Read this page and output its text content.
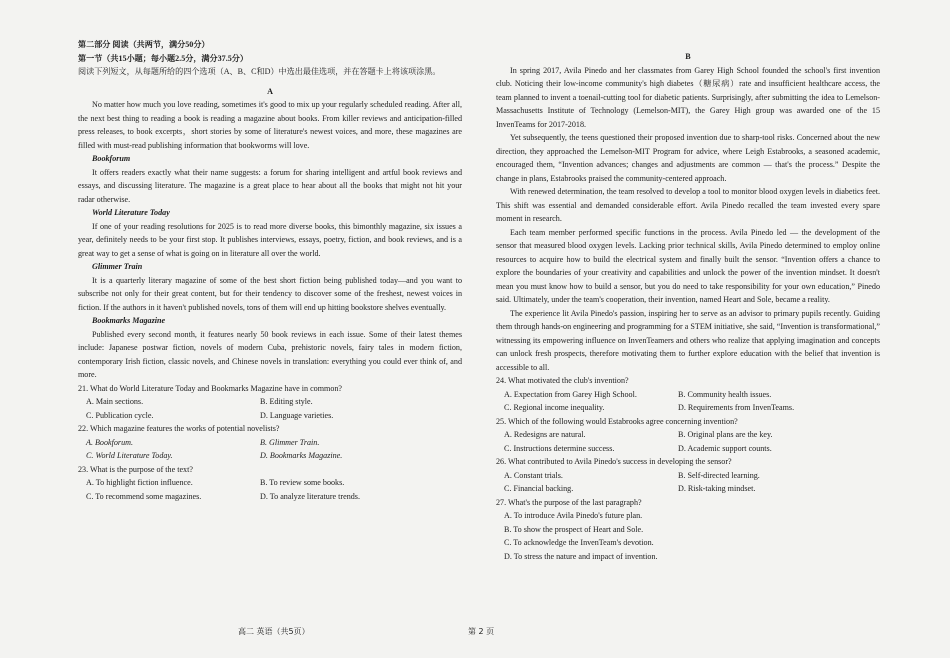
第二部分 阅读（共两节，满分50分）

第一节（共15小题；每小题2.5分，满分37.5分）

阅读下列短文，从每题所给的四个选项（A、B、C和D）中选出最佳选项，并在答题卡上将该项涂黑。

A

No matter how much you love reading, sometimes it's good to mix up your regularly scheduled reading. After all, the next best thing to reading a book is reading a magazine about books. From killer reviews and anticipation-filled press releases, to book excerpts，short stories by some of literature's newest voices, and more, these magazines are filled with must-read publishing information that bookworms will love.

Bookforum

It offers readers exactly what their name suggests: a forum for sharing intelligent and artful book reviews and essays, and discussing literature. The magazine is a great place to hear about all the books that might not hit your radar otherwise.

World Literature Today

If one of your reading resolutions for 2025 is to read more diverse books, this bimonthly magazine, six issues a year, definitely needs to be your first stop. It publishes interviews, essays, poetry, fiction, and book reviews, and is a great way to get a sense of what is going on in literature all over the world.

Glimmer Train

It is a quarterly literary magazine of some of the best short fiction being published today—and you want to subscribe not only for their great content, but for their tendency to discover some of the freshest, newest voices in fiction. If the authors in it haven't published novels, tons of them will end up hitting bookstore shelves eventually.

Bookmarks Magazine

Published every second month, it features nearly 50 book reviews in each issue. Some of their latest themes include: Japanese postwar fiction, novels of modern Cuba, prehistoric novels, fairy tales in modern fiction, contemporary Irish fiction, classic novels, and Chinese novels in translation: everything you could ever think of, and more.

21. What do World Literature Today and Bookmarks Magazine have in common?

A. Main sections.	B. Editing style.
C. Publication cycle.	D. Language varieties.

22. Which magazine features the works of potential novelists?

A. Bookforum.	B. Glimmer Train.
C. World Literature Today.	D. Bookmarks Magazine.

23. What is the purpose of the text?

A. To highlight fiction influence.	B. To review some books.
C. To recommend some magazines.	D. To analyze literature trends.

B

In spring 2017, Avila Pinedo and her classmates from Garey High School founded the school's first invention club. Noticing their low-income community's high diabetes（糖尿病）rate and insufficient healthcare access, the team planned to invent a toenail-cutting tool for diabetic patients. Surprisingly, after submitting the idea to Lemelson-Massachusetts Institute of Technology (Lemelson-MIT), the Garey High group was awarded one of the 15 InvenTeams for 2017-2018.

Yet subsequently, the teens questioned their proposed invention due to sharp-tool risks. Concerned about the new direction, they approached the Lemelson-MIT Program for advice, where Leigh Estabrooks, a seasoned academic, encouraged them, “Invention advances; changes and adjustments are common — that's the process.” Despite the change in plans, Estabrooks praised the community-centered approach.

With renewed determination, the team resolved to develop a tool to monitor blood oxygen levels in diabetics feet. This shift was essential and demanded considerable effort. Avila Pinedo recalled the team invested every spare moment in research.

Each team member performed specific functions in the process. Avila Pinedo led — the development of the sensor that measured blood oxygen levels. Lacking prior technical skills, Avila Pinedo determined to employ online resources to acquire how to build the electrical system and finally built the sensor. “Invention offers a chance to explore the boundaries of your creativity and capabilities and unlock the power of the invention mindset. It doesn't mean you must know how to build a sensor, but you do need to take responsibility for your own education,” Pinedo said. Ultimately, under the team's cooperation, their invention, named Heart and Sole, became a reality.

The experience lit Avila Pinedo's passion, inspiring her to serve as an advisor to primary pupils recently. Guiding them through hands-on engineering and programming for a STEM initiative, she said, “Invention is transformational,” witnessing its empowering influence on InvenTeamers and others who realize that applying imagination and concepts can unlock fresh prospects, therefore motivating them to further explore education with the belief that invention is accessible to all.

24. What motivated the club's invention?

A. Expectation from Garey High School.	B. Community health issues.
C. Regional income inequality.	D. Requirements from InvenTeams.

25. Which of the following would Estabrooks agree concerning invention?

A. Redesigns are natural.	B. Original plans are the key.
C. Instructions determine success.	D. Academic support counts.

26. What contributed to Avila Pinedo's success in developing the sensor?

A. Constant trials.	B. Self-directed learning.
C. Financial backing.	D. Risk-taking mindset.

27. What's the purpose of the last paragraph?

A. To introduce Avila Pinedo's future plan.

B. To show the prospect of Heart and Sole.

C. To acknowledge the InvenTeam's devotion.

D. To stress the nature and impact of invention.

高二 英语（共5页）	第 2 页
